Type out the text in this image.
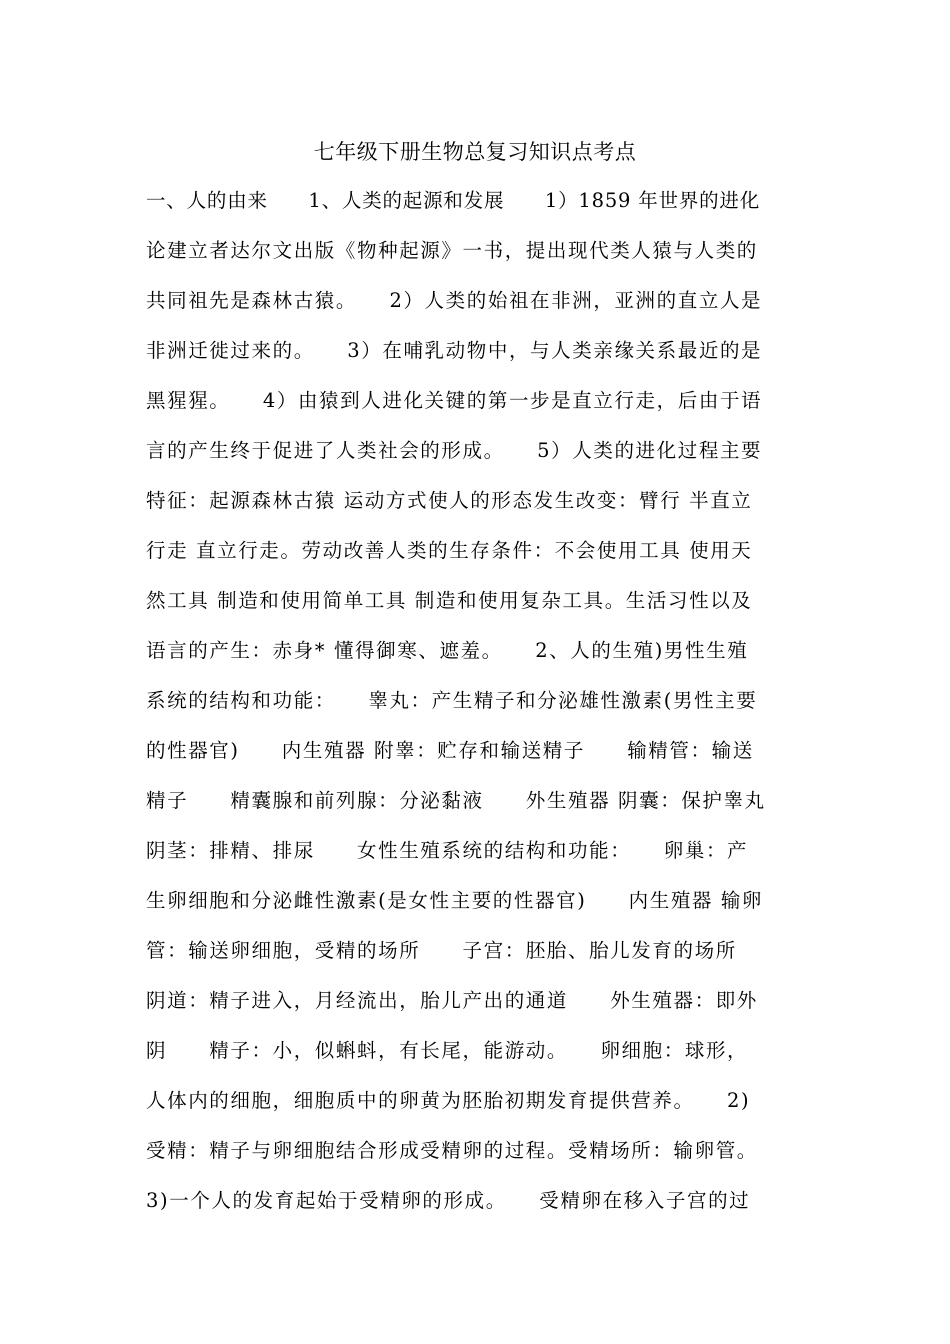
七年级下册生物总复习知识点考点
一、人的由来　　1、人类的起源和发展　　1）1859 年世界的进化
论建立者达尔文出版《物种起源》一书，提出现代类人猿与人类的
共同祖先是森林古猿。　　2）人类的始祖在非洲，亚洲的直立人是
非洲迁徙过来的。　　3）在哺乳动物中，与人类亲缘关系最近的是
黑猩猩。　　4）由猿到人进化关键的第一步是直立行走，后由于语
言的产生终于促进了人类社会的形成。　　5）人类的进化过程主要
特征：起源森林古猿 运动方式使人的形态发生改变：臂行 半直立
行走 直立行走。劳动改善人类的生存条件：不会使用工具 使用天
然工具 制造和使用简单工具 制造和使用复杂工具。生活习性以及
语言的产生：赤身* 懂得御寒、遮羞。　　2、人的生殖)男性生殖
系统的结构和功能：　　睾丸：产生精子和分泌雄性激素(男性主要
的性器官)　　内生殖器 附睾：贮存和输送精子　　输精管：输送
精子　　精囊腺和前列腺：分泌黏液　　外生殖器 阴囊：保护睾丸
阴茎：排精、排尿　　女性生殖系统的结构和功能：　　卵巢：产
生卵细胞和分泌雌性激素(是女性主要的性器官)　　内生殖器 输卵
管：输送卵细胞，受精的场所　　子宫：胚胎、胎儿发育的场所
阴道：精子进入，月经流出，胎儿产出的通道　　外生殖器：即外
阴　　精子：小，似蝌蚪，有长尾，能游动。　　卵细胞：球形，
人体内的细胞，细胞质中的卵黄为胚胎初期发育提供营养。　　2)
受精：精子与卵细胞结合形成受精卵的过程。受精场所：输卵管。
3)一个人的发育起始于受精卵的形成。　　受精卵在移入子宫的过
